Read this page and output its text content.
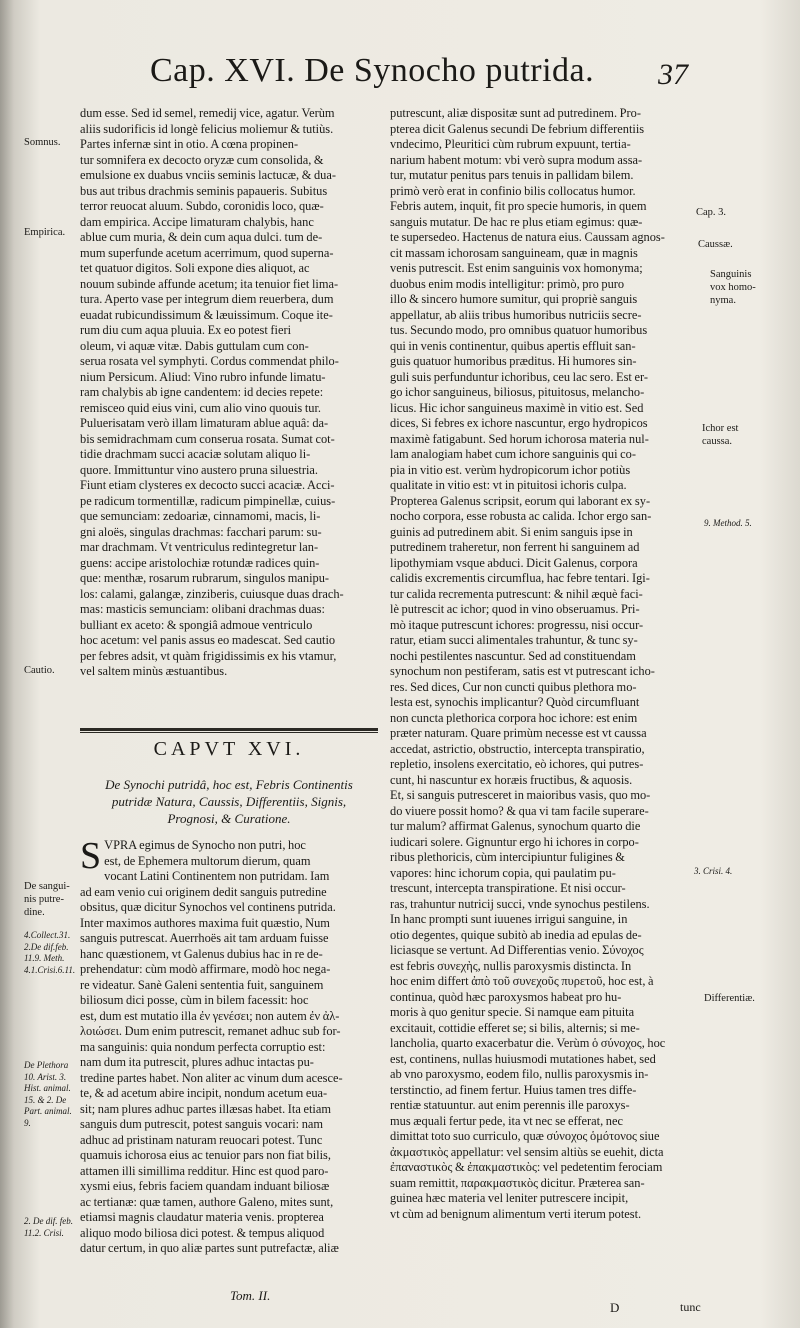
Cap. XVI. De Synocho putrida.	37
dum esse. Sed id semel, remedij vice, agatur. Verùm
aliis sudorificis id longè felicius moliemur & tutiùs.
Partes infernæ sint in otio. A cœna propinen-
tur somnifera ex decocto oryzæ cum consolida, &
emulsione ex duabus vnciis seminis lactucæ, & dua-
bus aut tribus drachmis seminis papaueris. Subitus
terror reuocat aluum. Subdo, coronidis loco, quæ-
dam empirica. Accipe limaturam chalybis, hanc
ablue cum muria, & dein cum aqua dulci. tum de-
mum superfunde acetum acerrimum, quod superna-
tet quatuor digitos. Soli expone dies aliquot, ac
nouum subinde affunde acetum; ita tenuior fiet lima-
tura. Aperto vase per integrum diem reuerbera, dum
euadat rubicundissimum & læuissimum. Coque ite-
rum diu cum aqua pluuia. Ex eo potest fieri
oleum, vi aquæ vitæ. Dabis guttulam cum con-
serua rosata vel symphyti. Cordus commendat philo-
nium Persicum. Aliud: Vino rubro infunde limatu-
ram chalybis ab igne candentem: id decies repete:
remisceo quid eius vini, cum alio vino quouis tur.
Puluerisatam verò illam limaturam ablue aquâ: da-
bis semidrachmam cum conserua rosata. Sumat cot-
tidie drachmam succi acaciæ solutam aliquo li-
quore. Immittuntur vino austero pruna siluestria.
Fiunt etiam clysteres ex decocto succi acaciæ. Acci-
pe radicum tormentillæ, radicum pimpinellæ, cuius-
que semunciam: zedoariæ, cinnamomi, macis, li-
gni aloës, singulas drachmas: facchari parum: su-
mar drachmam. Vt ventriculus redintegretur lan-
guens: accipe aristolochiæ rotundæ radices quin-
que: menthæ, rosarum rubrarum, singulos manipu-
los: calami, galangæ, zinziberis, cuiusque duas drach-
mas: masticis semunciam: olibani drachmas duas:
bulliant ex aceto: & spongiâ admoue ventriculo
hoc acetum: vel panis assus eo madescat. Sed cautio
per febres adsit, vt quàm frigidissimis ex his vtamur,
vel saltem minùs æstuantibus.
CAPVT XVI.
De Synochi putridâ, hoc est, Febris Continentis
putridæ Natura, Caussis, Differentiis, Signis,
Prognosi, & Curatione.
S VPRA egimus de Synocho non putri, hoc
est, de Ephemera multorum dierum, quam
vocant Latini Continentem non putridam. Iam
ad eam venio cui originem dedit sanguis putredine
obsitus, quæ dicitur Synochos vel continens putrida.
Inter maximos authores maxima fuit quæstio, Num
sanguis putrescat. Auerrhoës ait tam arduam fuisse
hanc quæstionem, vt Galenus dubius hac in re de-
prehendatur: cùm modò affirmare, modò hoc nega-
re videatur. Sanè Galeni sententia fuit, sanguinem
biliosum dici posse, cùm in bilem facessit: hoc
est, dum est mutatio illa ἐν γενέσει; non autem ἐν ἀλ-
λοιώσει. Dum enim putrescit, remanet adhuc sub for-
ma sanguinis: quia nondum perfecta corruptio est:
nam dum ita putrescit, plures adhuc intactas pu-
tredine partes habet. Non aliter ac vinum dum acesce-
te, & ad acetum abire incipit, nondum acetum eua-
sit; nam plures adhuc partes illæsas habet. Ita etiam
sanguis dum putrescit, potest sanguis vocari: nam
adhuc ad pristinam naturam reuocari potest. Tunc
quamuis ichorosa eius ac tenuior pars non fiat bilis,
attamen illi simillima redditur. Hinc est quod paro-
xysmi eius, febris faciem quandam induant biliosæ
ac tertianæ: quæ tamen, authore Galeno, mites sunt,
etiamsi magnis claudatur materia venis. propterea
aliquo modo biliosa dici potest. & tempus aliquod
datur certum, in quo aliæ partes sunt putrefactæ, aliæ
putrescunt, aliæ dispositæ sunt ad putredinem. Pro-
pterea dicit Galenus secundi De febrium differentiis
vndecimo, Pleuritici cùm rubrum expuunt, tertia-
narium habent motum: vbi verò supra modum assa-
tur, mutatur penitus pars tenuis in pallidam bilem.
primò verò erat in confinio bilis collocatus humor.
Febris autem, inquit, fit pro specie humoris, in quem
sanguis mutatur. De hac re plus etiam egimus: quæ-
te supersedeo. Hactenus de natura eius. Caussam agnos-
cit massam ichorosam sanguineam, quæ in magnis
venis putrescit. Est enim sanguinis vox homonyma;
duobus enim modis intelligitur: primò, pro puro
illo & sincero humore sumitur, qui propriè sanguis
appellatur, ab aliis tribus humoribus nutriciis secre-
tus. Secundo modo, pro omnibus quatuor humoribus
qui in venis continentur, quibus apertis effluit san-
guis quatuor humoribus præditus. Hi humores sin-
guli suis perfunduntur ichoribus, ceu lac sero. Est er-
go ichor sanguineus, biliosus, pituitosus, melancho-
licus. Hic ichor sanguineus maximè in vitio est. Sed
dices, Si febres ex ichore nascuntur, ergo hydropicos
maximè fatigabunt. Sed horum ichorosa materia nul-
lam analogiam habet cum ichore sanguinis qui co-
pia in vitio est. verùm hydropicorum ichor potiùs
qualitate in vitio est: vt in pituitosi ichoris culpa.
Propterea Galenus scripsit, eorum qui laborant ex sy-
nocho corpora, esse robusta ac calida. Ichor ergo san-
guinis ad putredinem abit. Si enim sanguis ipse in
putredinem traheretur, non ferrent hi sanguinem ad
lipothymiam vsque abduci. Dicit Galenus, corpora
calidis excrementis circumflua, hac febre tentari. Igi-
tur calida recrementa putrescunt: & nihil æquè faci-
lè putrescit ac ichor; quod in vino obseruamus. Pri-
mò itaque putrescunt ichores: progressu, nisi occur-
ratur, etiam succi alimentales trahuntur, & tunc sy-
nochi pestilentes nascuntur. Sed ad constituendam
synochum non pestiferam, satis est vt putrescant icho-
res. Sed dices, Cur non cuncti quibus plethora mo-
lesta est, synochis implicantur? Quòd circumfluant
non cuncta plethorica corpora hoc ichore: est enim
præter naturam. Quare primùm necesse est vt caussa
accedat, astrictio, obstructio, intercepta transpiratio,
repletio, insolens exercitatio, eò ichores, qui putres-
cunt, hi nascuntur ex horæis fructibus, & aquosis.
Et, si sanguis putresceret in maioribus vasis, quo mo-
do viuere possit homo? & qua vi tam facile superare-
tur malum? affirmat Galenus, synochum quarto die
iudicari solere. Gignuntur ergo hi ichores in corpo-
ribus plethoricis, cùm intercipiuntur fuligines &
vapores: hinc ichorum copia, qui paulatim pu-
trescunt, intercepta transpiratione. Et nisi occur-
ras, trahuntur nutricij succi, vnde synochus pestilens.
In hanc prompti sunt iuuenes irrigui sanguine, in
otio degentes, quique subitò ab inedia ad epulas de-
liciasque se vertunt. Ad Differentias venio. Σύνοχος
est febris συνεχὴς, nullis paroxysmis distincta. In
hoc enim differt ἀπὸ τοῦ συνεχοῦς πυρετοῦ, hoc est, à
continua, quòd hæc paroxysmos habeat pro hu-
moris à quo genitur specie. Si namque eam pituita
excitauit, cottidie efferet se; si bilis, alternis; si me-
lancholia, quarto exacerbatur die. Verùm ὁ σύνοχος, hoc
est, continens, nullas huiusmodi mutationes habet, sed
ab vno paroxysmo, eodem filo, nullis paroxysmis in-
terstinctio, ad finem fertur. Huius tamen tres diffe-
rentiæ statuuntur. aut enim perennis ille paroxys-
mus æquali fertur pede, ita vt nec se efferat, nec
dimittat toto suo curriculo, quæ σύνοχος ὁμότονος siue
ἀκμαστικὸς appellatur: vel sensim altiùs se euehit, dicta
ἐπαναστικὸς & ἐπακμαστικὸς: vel pedetentim ferociam
suam remittit, παρακμαστικὸς dicitur. Præterea san-
guinea hæc materia vel leniter putrescere incipit,
vt cùm ad benignum alimentum verti iterum potest.
Somnus.
Empirica.
Cautio.
De sangui-
nis putre-
dine.
4.Collect.31.
2.De dif.feb.
11.9. Meth.
4.1.Crisi.6.11.
De Plethora
10. Arist. 3.
Hist. animal.
15. & 2. De
Part. animal.
9.
2. De dif. feb.
11.2. Crisi.
Cap. 3.
Caussæ.
Sanguinis
vox homo-
nyma.
Ichor est
caussa.
9. Method. 5.
3. Crisi. 4.
Differentiæ.
Tom. II.
D	tunc
